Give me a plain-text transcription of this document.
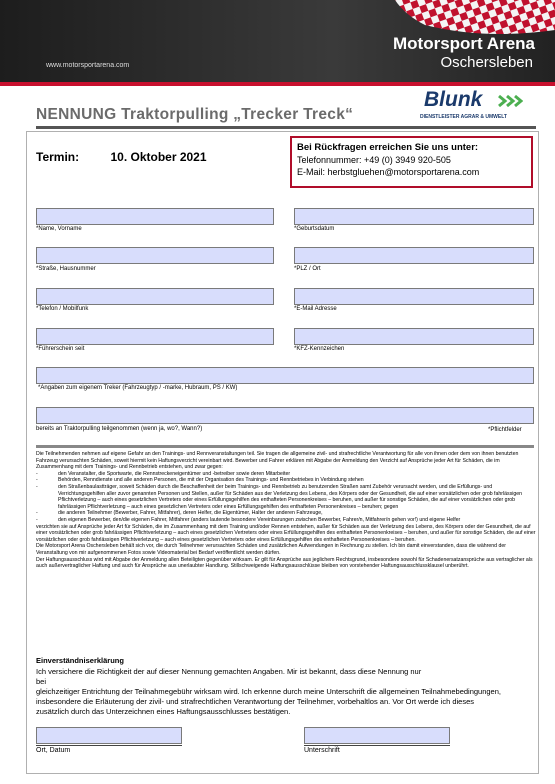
www.motorsportarena.com
Motorsport Arena
Oschersleben
NENNUNG Traktorpulling „Trecker Treck“
Blunk
DIENSTLEISTER AGRAR & UMWELT
Termin:	10. Oktober 2021
Bei Rückfragen erreichen Sie uns unter:
Telefonnummer: +49 (0) 3949 920-505
E-Mail: herbstgluehen@motorsportarena.com
*Name, Vorname	*Geburtsdatum
*Straße, Hausnummer	*PLZ / Ort
*Telefon / Mobilfunk	*E-Mail Adresse
*Führerschein seit	*KFZ-Kennzeichen
*Angaben zum eigenem Treker (Fahrzeugtyp / -marke, Hubraum, PS / KW)
bereits an Traktorpulling teilgenommen (wenn ja, wo?, Wann?)	*Pflichtfelder
Die Teilnehmenden nehmen auf eigene Gefahr an den Trainings- und Rennveranstaltungen teil. Sie tragen die allgemeine zivil- und strafrechtliche Verantwortung für alle von ihnen oder dem von ihnen benutzten Fahrzeug verursachten Schäden, soweit hiermit kein Haftungsverzicht vereinbart wird. Bewerber und Fahrer erklären mit Abgabe der Anmeldung den Verzicht auf Ansprüche jeder Art für Schäden, die im Zusammenhang mit dem Trainings- und Rennbetrieb entstehen, und zwar gegen:
-	den Veranstalter, die Sportwarte, die Rennstreckeneigentümer und -betreiber sowie deren Mitarbeiter
-	Behörden, Renndienste und alle anderen Personen, die mit der Organisation des Trainings- und Rennbetriebes in Verbindung stehen
-	den Straßenbaulastträger, soweit Schäden durch die Beschaffenheit der beim Trainings- und Rennbetrieb zu benutzenden Straßen samt Zubehör verursacht werden, und die Erfüllungs- und Verrichtungsgehilfen aller zuvor genannten Personen und Stellen, außer für Schäden aus der Verletzung des Lebens, des Körpers oder der Gesundheit, die auf einer vorsätzlichen oder grob fahrlässigen Pflichtverletzung – auch eines gesetzlichen Vertreters oder eines Erfüllungsgehilfen des enthafteten Personenkreises – beruhen, und außer für sonstige Schäden, die auf einer vorsätzlichen oder grob fahrlässigen Pflichtverletzung – auch eines gesetzlichen Vertreters oder eines Erfüllungsgehilfen des enthafteten Personenkreises – beruhen; gegen
-	die anderen Teilnehmer (Bewerber, Fahrer, Mitfahrer), deren Helfer, die Eigentümer, Halter der anderen Fahrzeuge,
-	den eigenen Bewerber, den/die eigenen Fahrer, Mitfahrer (anders lautende besondere Vereinbarungen zwischen Bewerber, Fahrer/n, Mitfahrer/n gehen vor!) und eigene Helfer
verzichten sie auf Ansprüche jeder Art für Schäden, die im Zusammenhang mit dem Training und/oder Rennen entstehen, außer für Schäden aus der Verletzung des Lebens, des Körpers oder der Gesundheit, die auf einer vorsätzlichen oder grob fahrlässigen Pflichtverletzung – auch eines gesetzlichen Vertreters oder eines Erfüllungsgehilfen des enthafteten Personenkreises – beruhen, und außer für sonstige Schäden, die auf einer vorsätzlichen oder grob fahrlässigen Pflichtverletzung – auch eines gesetzlichen Vertreters oder eines Erfüllungsgehilfen des enthafteten Personenkreises – beruhen.
Die Motorsport Arena Oschersleben behält sich vor, die durch Teilnehmer verursachten Schäden und zusätzlichen Aufwendungen in Rechnung zu stellen. Ich bin damit einverstanden, dass die während der Veranstaltung von mir aufgenommenen Fotos sowie Videomaterial bei Bedarf veröffentlicht werden dürfen.
Der Haftungsausschluss wird mit Abgabe der Anmeldung allen Beteiligten gegenüber wirksam. Er gilt für Ansprüche aus jeglichem Rechtsgrund, insbesondere sowohl für Schadenersatzansprüche aus vertraglicher als auch außervertraglicher Haftung und auch für Ansprüche aus unerlaubter Handlung. Stillschweigende Haftungsausschlüsse bleiben von vorstehender Haftungsausschlussklausel unberührt.
Einverständniserklärung
Ich versichere die Richtigkeit der auf dieser Nennung gemachten Angaben. Mir ist bekannt, dass diese Nennung nur
bei
gleichzeitiger Entrichtung der Teilnahmegebühr wirksam wird. Ich erkenne durch meine Unterschrift die allgemeinen Teilnahmebedingungen, insbesondere die Erläuterung der zivil- und strafrechtlichen Verantwortung der Teilnehmer, vorbehaltlos an. Vor Ort werde ich dieses zusätzlich durch das Unterzeichnen eines Haftungsausschlusses bestätigen.
Ort, Datum	Unterschrift
